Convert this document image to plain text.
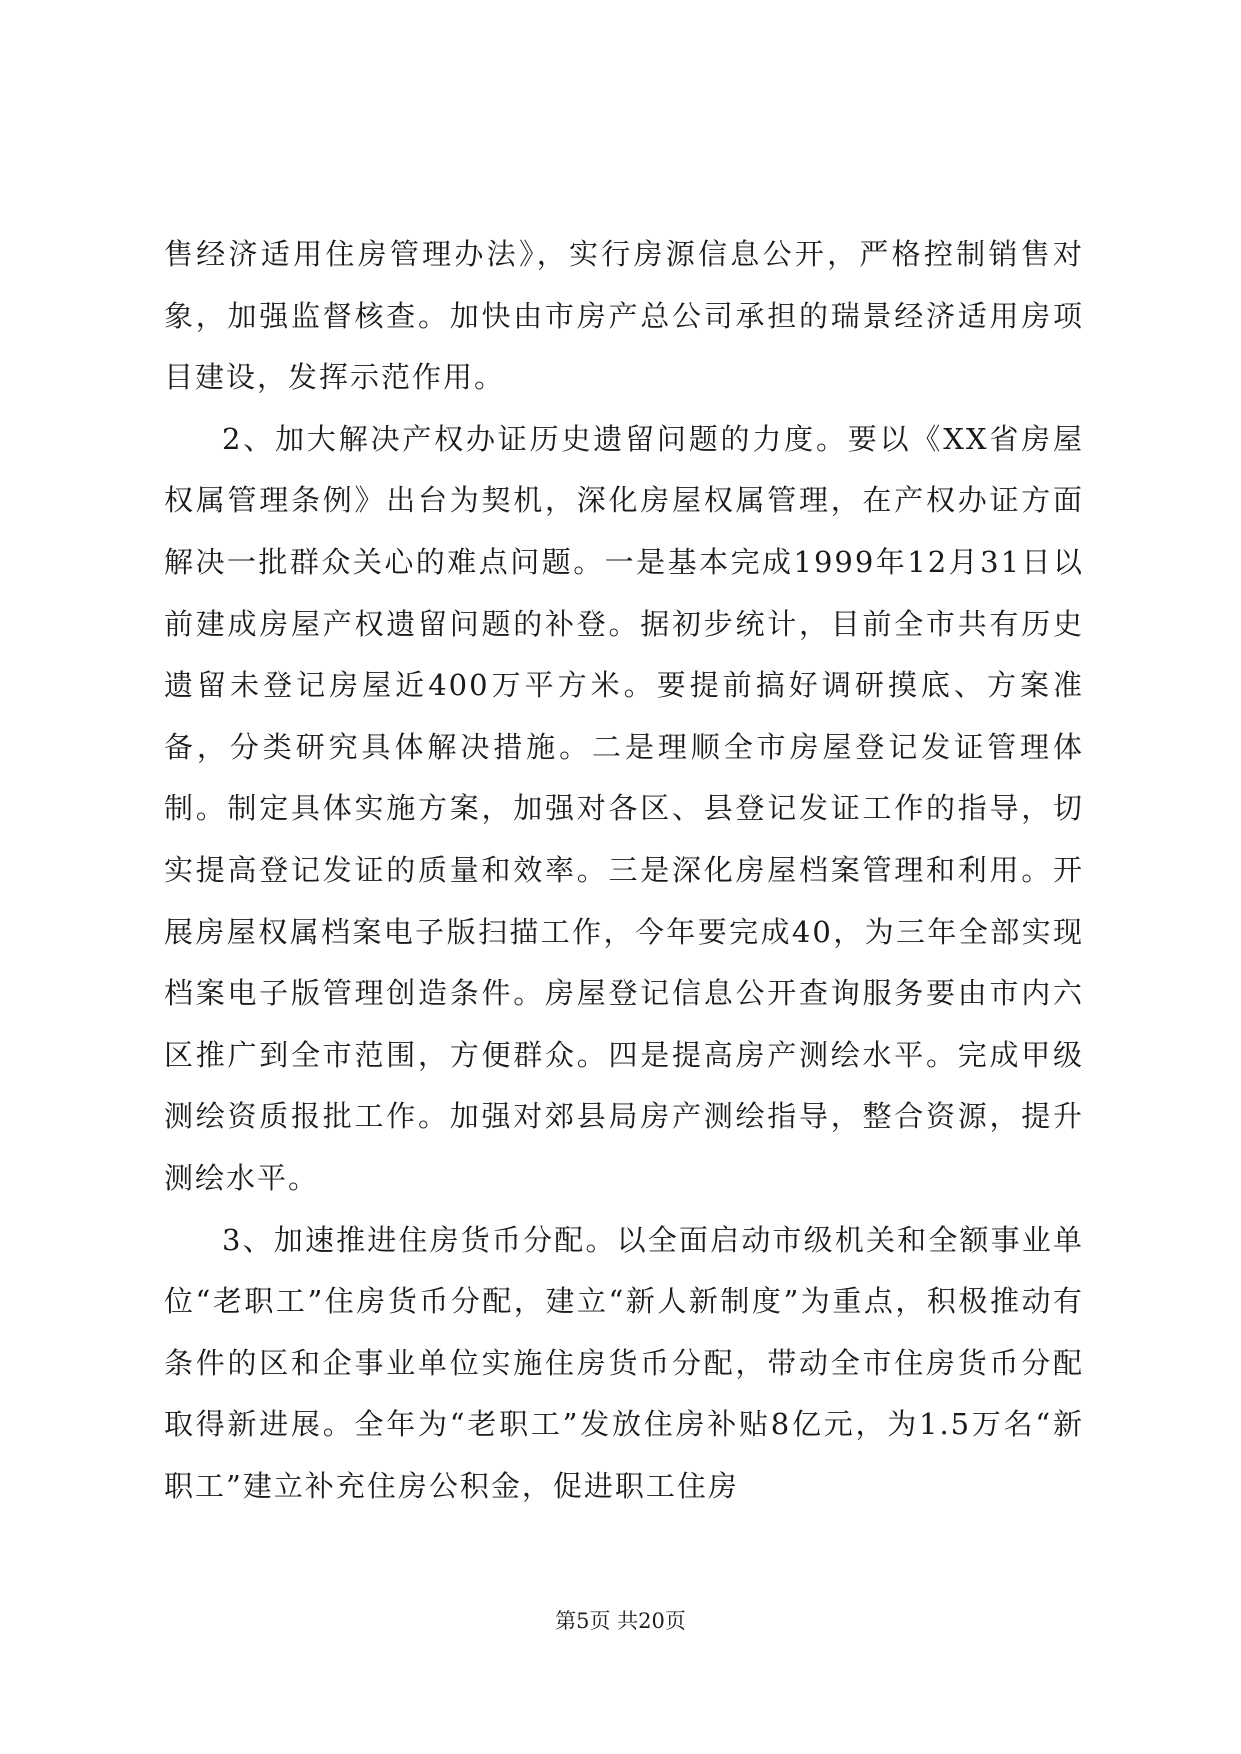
售经济适用住房管理办法》，实行房源信息公开，严格控制销售对象，加强监督核查。加快由市房产总公司承担的瑞景经济适用房项目建设，发挥示范作用。

2、加大解决产权办证历史遗留问题的力度。要以《XX省房屋权属管理条例》出台为契机，深化房屋权属管理，在产权办证方面解决一批群众关心的难点问题。一是基本完成1999年12月31日以前建成房屋产权遗留问题的补登。据初步统计，目前全市共有历史遗留未登记房屋近400万平方米。要提前搞好调研摸底、方案准备，分类研究具体解决措施。二是理顺全市房屋登记发证管理体制。制定具体实施方案，加强对各区、县登记发证工作的指导，切实提高登记发证的质量和效率。三是深化房屋档案管理和利用。开展房屋权属档案电子版扫描工作，今年要完成40，为三年全部实现档案电子版管理创造条件。房屋登记信息公开查询服务要由市内六区推广到全市范围，方便群众。四是提高房产测绘水平。完成甲级测绘资质报批工作。加强对郊县局房产测绘指导，整合资源，提升测绘水平。

3、加速推进住房货币分配。以全面启动市级机关和全额事业单位“老职工”住房货币分配，建立“新人新制度”为重点，积极推动有条件的区和企事业单位实施住房货币分配，带动全市住房货币分配取得新进展。全年为“老职工”发放住房补贴8亿元，为1.5万名“新职工”建立补充住房公积金，促进职工住房

第5页 共20页
